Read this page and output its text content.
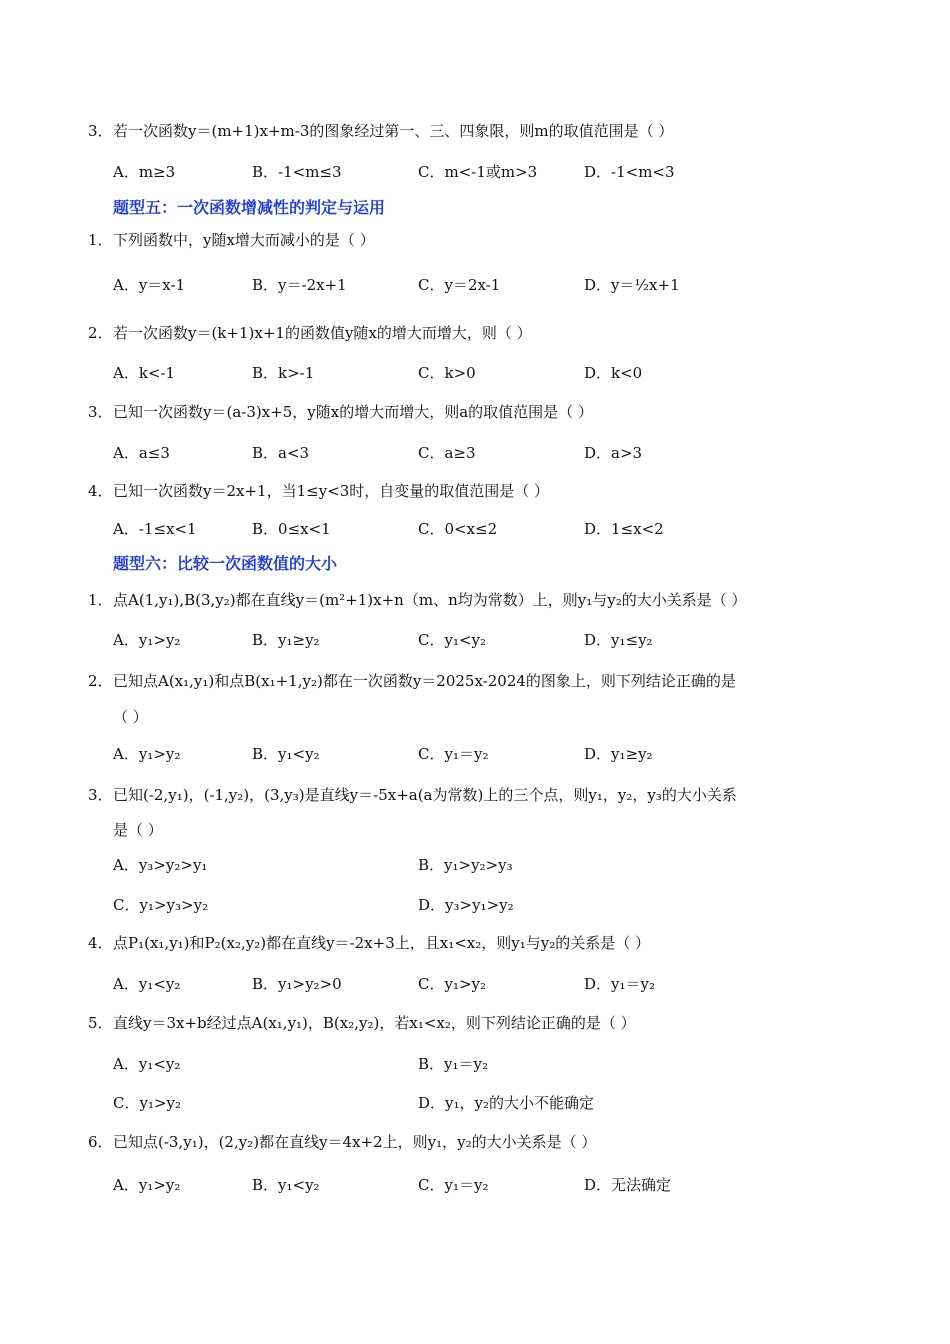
3．若一次函数y＝(m+1)x+m-3的图象经过第一、三、四象限，则m的取值范围是（ ）
A．m≥3	B．-1<m≤3	C．m<-1或m>3	D．-1<m<3
题型五：一次函数增减性的判定与运用
1．下列函数中，y随x增大而减小的是（ ）
A．y＝x-1	B．y＝-2x+1	C．y＝2x-1	D．y＝½x+1
2．若一次函数y＝(k+1)x+1的函数值y随x的增大而增大，则（ ）
A．k<-1	B．k>-1	C．k>0	D．k<0
3．已知一次函数y＝(a-3)x+5，y随x的增大而增大，则a的取值范围是（ ）
A．a≤3	B．a<3	C．a≥3	D．a>3
4．已知一次函数y＝2x+1，当1≤y<3时，自变量的取值范围是（ ）
A．-1≤x<1	B．0≤x<1	C．0<x≤2	D．1≤x<2
题型六：比较一次函数值的大小
1．点A(1,y₁),B(3,y₂)都在直线y＝(m²+1)x+n（m、n均为常数）上，则y₁与y₂的大小关系是（ ）
A．y₁>y₂	B．y₁≥y₂	C．y₁<y₂	D．y₁≤y₂
2．已知点A(x₁,y₁)和点B(x₁+1,y₂)都在一次函数y＝2025x-2024的图象上，则下列结论正确的是
（ ）
A．y₁>y₂	B．y₁<y₂	C．y₁＝y₂	D．y₁≥y₂
3．已知(-2,y₁)，(-1,y₂)，(3,y₃)是直线y＝-5x+a(a为常数)上的三个点，则y₁，y₂，y₃的大小关系
是（ ）
A．y₃>y₂>y₁	B．y₁>y₂>y₃
C．y₁>y₃>y₂	D．y₃>y₁>y₂
4．点P₁(x₁,y₁)和P₂(x₂,y₂)都在直线y＝-2x+3上，且x₁<x₂，则y₁与y₂的关系是（ ）
A．y₁<y₂	B．y₁>y₂>0	C．y₁>y₂	D．y₁＝y₂
5．直线y＝3x+b经过点A(x₁,y₁)，B(x₂,y₂)，若x₁<x₂，则下列结论正确的是（ ）
A．y₁<y₂	B．y₁＝y₂
C．y₁>y₂	D．y₁，y₂的大小不能确定
6．已知点(-3,y₁)，(2,y₂)都在直线y＝4x+2上，则y₁，y₂的大小关系是（ ）
A．y₁>y₂	B．y₁<y₂	C．y₁＝y₂	D．无法确定
